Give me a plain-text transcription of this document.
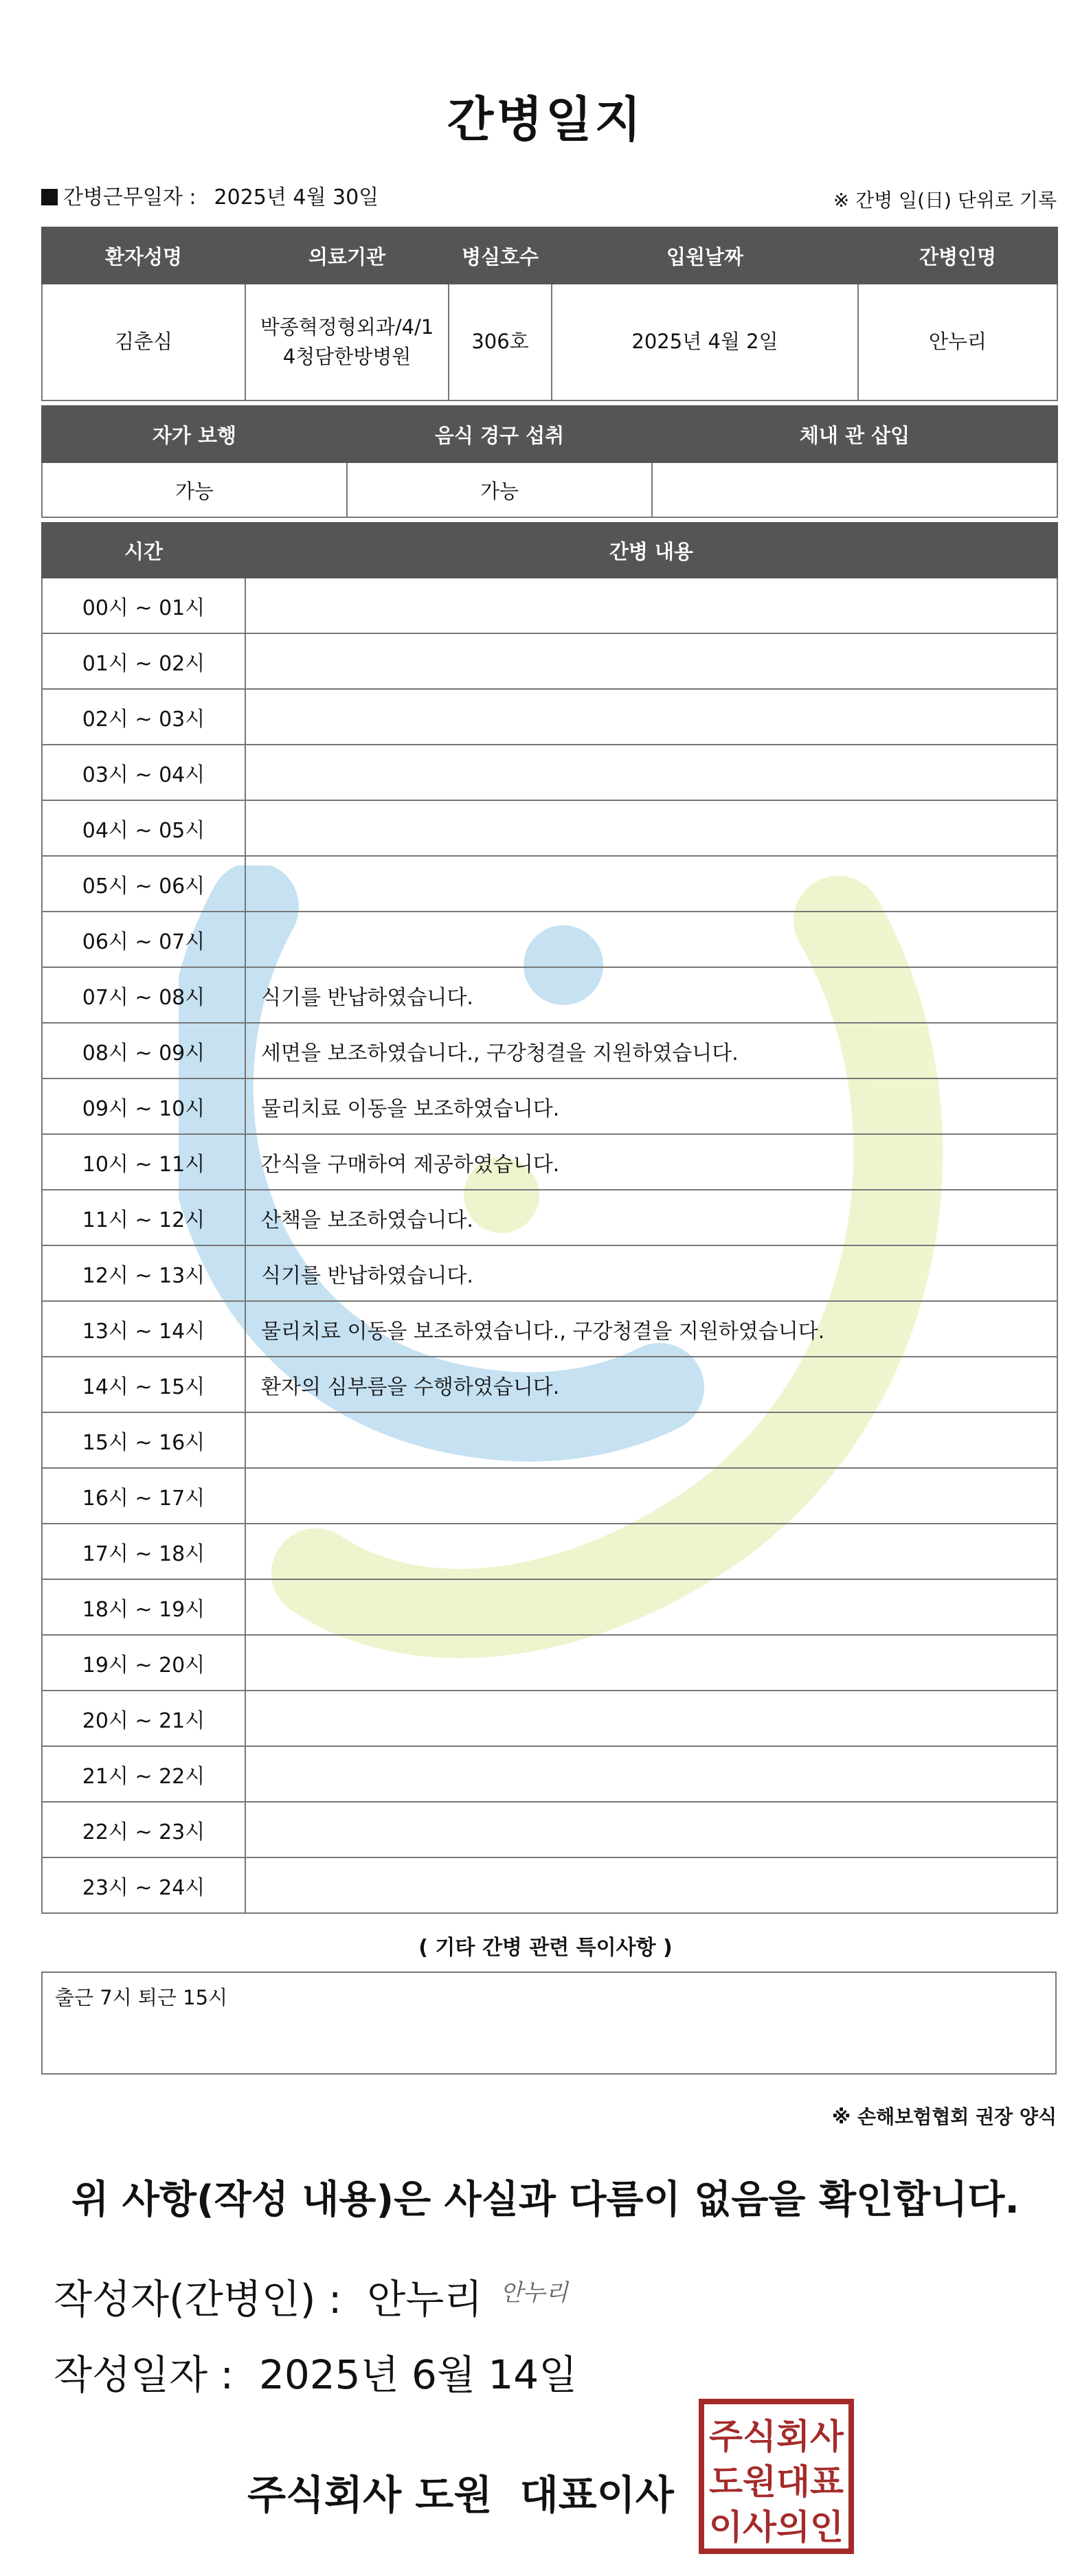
간병일지
간병근무일자 : 2025년 4월 30일	※ 간병 일(日) 단위로 기록
환자성명	의료기관	병실호수	입원날짜	간병인명
김춘심	박종혁정형외과/4/14청담한방병원	306호	2025년 4월 2일	안누리
자가 보행	음식 경구 섭취	체내 관 삽입
가능	가능	
시간	간병 내용
00시 ~ 01시	
01시 ~ 02시	
02시 ~ 03시	
03시 ~ 04시	
04시 ~ 05시	
05시 ~ 06시	
06시 ~ 07시	
07시 ~ 08시	식기를 반납하였습니다.
08시 ~ 09시	세면을 보조하였습니다., 구강청결을 지원하였습니다.
09시 ~ 10시	물리치료 이동을 보조하였습니다.
10시 ~ 11시	간식을 구매하여 제공하였습니다.
11시 ~ 12시	산책을 보조하였습니다.
12시 ~ 13시	식기를 반납하였습니다.
13시 ~ 14시	물리치료 이동을 보조하였습니다., 구강청결을 지원하였습니다.
14시 ~ 15시	환자의 심부름을 수행하였습니다.
15시 ~ 16시	
16시 ~ 17시	
17시 ~ 18시	
18시 ~ 19시	
19시 ~ 20시	
20시 ~ 21시	
21시 ~ 22시	
22시 ~ 23시	
23시 ~ 24시	
( 기타 간병 관련 특이사항 )
출근 7시 퇴근 15시
※ 손해보험협회 권장 양식
위 사항(작성 내용)은 사실과 다름이 없음을 확인합니다.
작성자(간병인) : 안누리 안누리
작성일자 : 2025년 6월 14일
주식회사 도원  대표이사
주식회사
도원대표
이사의인
